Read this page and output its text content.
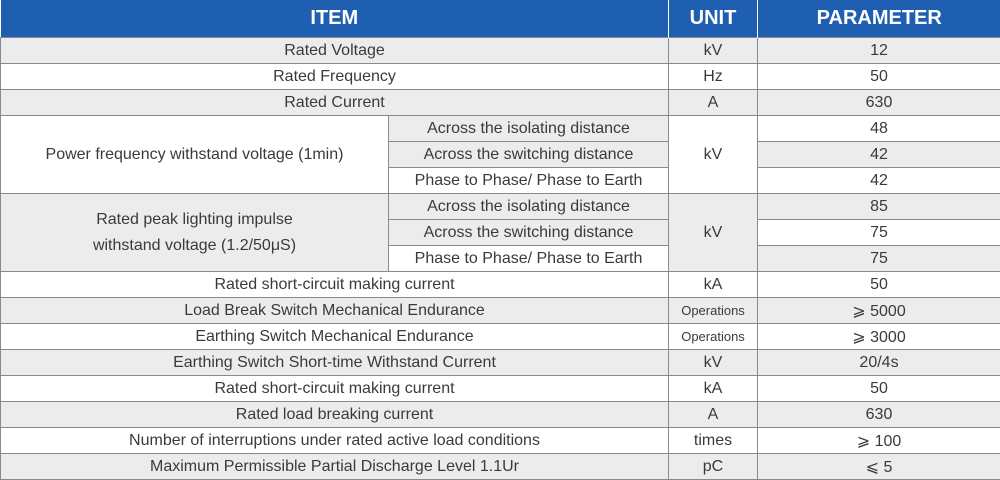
ITEM		UNIT	PARAMETER
Rated Voltage		kV	12
Rated Frequency		Hz	50
Rated Current		A	630
Power frequency withstand voltage (1min)	Across the isolating distance	kV	48
	Across the switching distance		42
	Phase to Phase/ Phase to Earth		42
Rated peak lighting impulse
withstand voltage (1.2/50μS)	Across the isolating distance	kV	85
	Across the switching distance		75
	Phase to Phase/ Phase to Earth		75
Rated short-circuit making current		kA	50
Load Break Switch Mechanical Endurance		Operations	⩾ 5000
Earthing Switch Mechanical Endurance		Operations	⩾ 3000
Earthing Switch Short-time Withstand Current		kV	20/4s
Rated short-circuit making current		kA	50
Rated load breaking current		A	630
Number of interruptions under rated active load conditions		times	⩾ 100
Maximum Permissible Partial Discharge Level 1.1Ur		pC	⩽ 5
